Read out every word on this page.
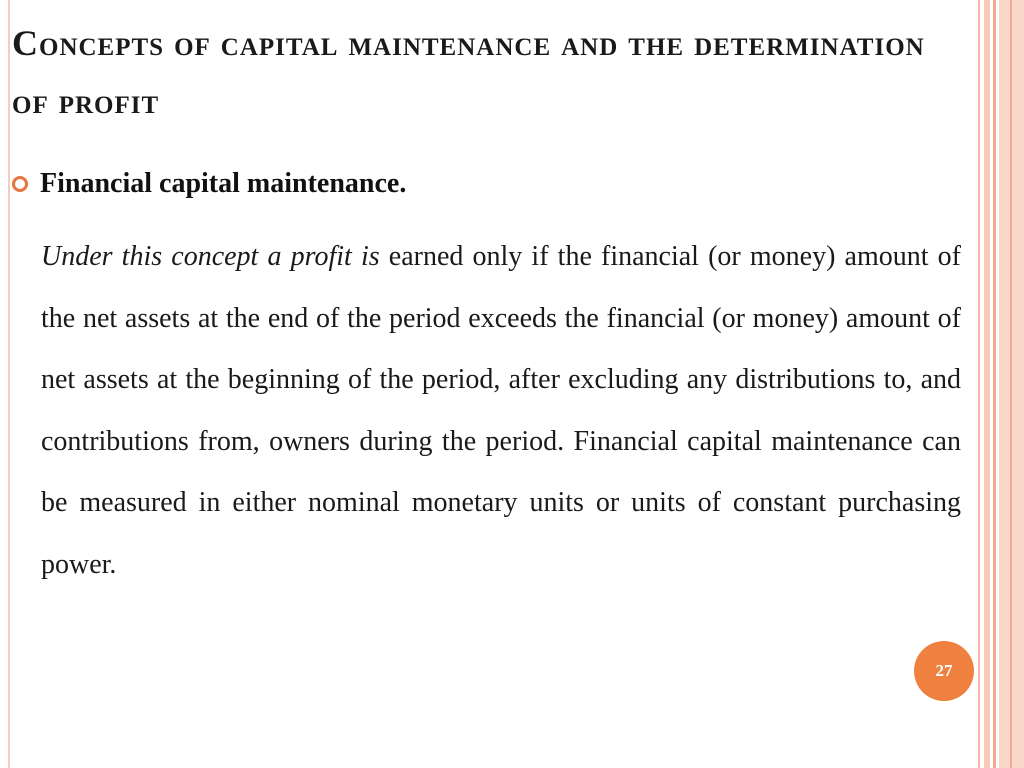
Concepts of capital maintenance and the determination of profit
Financial capital maintenance.

Under this concept a profit is earned only if the financial (or money) amount of the net assets at the end of the period exceeds the financial (or money) amount of net assets at the beginning of the period, after excluding any distributions to, and contributions from, owners during the period. Financial capital maintenance can be measured in either nominal monetary units or units of constant purchasing power.

27
